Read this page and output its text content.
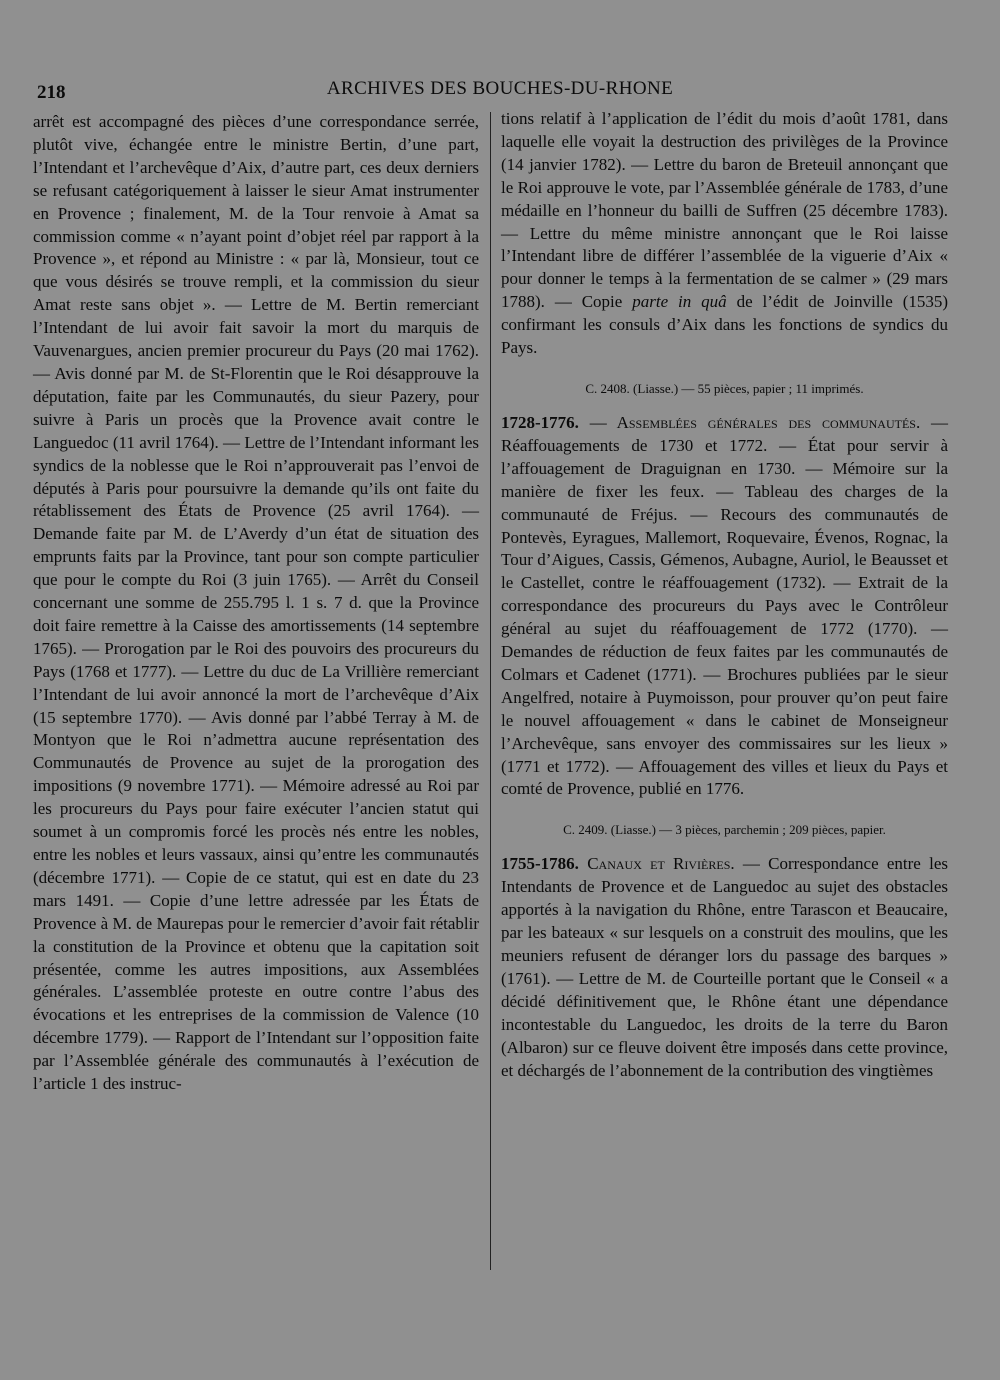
218	ARCHIVES DES BOUCHES-DU-RHONE

arrêt est accompagné des pièces d’une correspondance serrée, plutôt vive, échangée entre le ministre Bertin, d’une part, l’Intendant et l’archevêque d’Aix, d’autre part, ces deux derniers se refusant catégoriquement à laisser le sieur Amat instrumenter en Provence ; finalement, M. de la Tour renvoie à Amat sa commission comme « n’ayant point d’objet réel par rapport à la Provence », et répond au Ministre : « par là, Monsieur, tout ce que vous désirés se trouve rempli, et la commission du sieur Amat reste sans objet ». — Lettre de M. Bertin remerciant l’Intendant de lui avoir fait savoir la mort du marquis de Vauvenargues, ancien premier procureur du Pays (20 mai 1762). — Avis donné par M. de St-Florentin que le Roi désapprouve la députation, faite par les Communautés, du sieur Pazery, pour suivre à Paris un procès que la Provence avait contre le Languedoc (11 avril 1764). — Lettre de l’Intendant informant les syndics de la noblesse que le Roi n’approuverait pas l’envoi de députés à Paris pour poursuivre la demande qu’ils ont faite du rétablissement des États de Provence (25 avril 1764). — Demande faite par M. de L’Averdy d’un état de situation des emprunts faits par la Province, tant pour son compte particulier que pour le compte du Roi (3 juin 1765). — Arrêt du Conseil concernant une somme de 255.795 l. 1 s. 7 d. que la Province doit faire remettre à la Caisse des amortissements (14 septembre 1765). — Prorogation par le Roi des pouvoirs des procureurs du Pays (1768 et 1777). — Lettre du duc de La Vrillière remerciant l’Intendant de lui avoir annoncé la mort de l’archevêque d’Aix (15 septembre 1770). — Avis donné par l’abbé Terray à M. de Montyon que le Roi n’admettra aucune représentation des Communautés de Provence au sujet de la prorogation des impositions (9 novembre 1771). — Mémoire adressé au Roi par les procureurs du Pays pour faire exécuter l’ancien statut qui soumet à un compromis forcé les procès nés entre les nobles, entre les nobles et leurs vassaux, ainsi qu’entre les communautés (décembre 1771). — Copie de ce statut, qui est en date du 23 mars 1491. — Copie d’une lettre adressée par les États de Provence à M. de Maurepas pour le remercier d’avoir fait rétablir la constitution de la Province et obtenu que la capitation soit présentée, comme les autres impositions, aux Assemblées générales. L’assemblée proteste en outre contre l’abus des évocations et les entreprises de la commission de Valence (10 décembre 1779). — Rapport de l’Intendant sur l’opposition faite par l’Assemblée générale des communautés à l’exécution de l’article 1 des instruc-

tions relatif à l’application de l’édit du mois d’août 1781, dans laquelle elle voyait la destruction des privilèges de la Province (14 janvier 1782). — Lettre du baron de Breteuil annonçant que le Roi approuve le vote, par l’Assemblée générale de 1783, d’une médaille en l’honneur du bailli de Suffren (25 décembre 1783). — Lettre du même ministre annonçant que le Roi laisse l’Intendant libre de différer l’assemblée de la viguerie d’Aix « pour donner le temps à la fermentation de se calmer » (29 mars 1788). — Copie parte in quâ de l’édit de Joinville (1535) confirmant les consuls d’Aix dans les fonctions de syndics du Pays.

C. 2408. (Liasse.) — 55 pièces, papier ; 11 imprimés.

1728-1776. — Assemblées générales des communautés. — Réaffouagements de 1730 et 1772. — État pour servir à l’affouagement de Draguignan en 1730. — Mémoire sur la manière de fixer les feux. — Tableau des charges de la communauté de Fréjus. — Recours des communautés de Pontevès, Eyragues, Mallemort, Roquevaire, Évenos, Rognac, la Tour d’Aigues, Cassis, Gémenos, Aubagne, Auriol, le Beausset et le Castellet, contre le réaffouagement (1732). — Extrait de la correspondance des procureurs du Pays avec le Contrôleur général au sujet du réaffouagement de 1772 (1770). — Demandes de réduction de feux faites par les communautés de Colmars et Cadenet (1771). — Brochures publiées par le sieur Angelfred, notaire à Puymoisson, pour prouver qu’on peut faire le nouvel affouagement « dans le cabinet de Monseigneur l’Archevêque, sans envoyer des commissaires sur les lieux » (1771 et 1772). — Affouagement des villes et lieux du Pays et comté de Provence, publié en 1776.

C. 2409. (Liasse.) — 3 pièces, parchemin ; 209 pièces, papier.

1755-1786. Canaux et Rivières. — Correspondance entre les Intendants de Provence et de Languedoc au sujet des obstacles apportés à la navigation du Rhône, entre Tarascon et Beaucaire, par les bateaux « sur lesquels on a construit des moulins, que les meuniers refusent de déranger lors du passage des barques » (1761). — Lettre de M. de Courteille portant que le Conseil « a décidé définitivement que, le Rhône étant une dépendance incontestable du Languedoc, les droits de la terre du Baron (Albaron) sur ce fleuve doivent être imposés dans cette province, et déchargés de l’abonnement de la contribution des vingtièmes
